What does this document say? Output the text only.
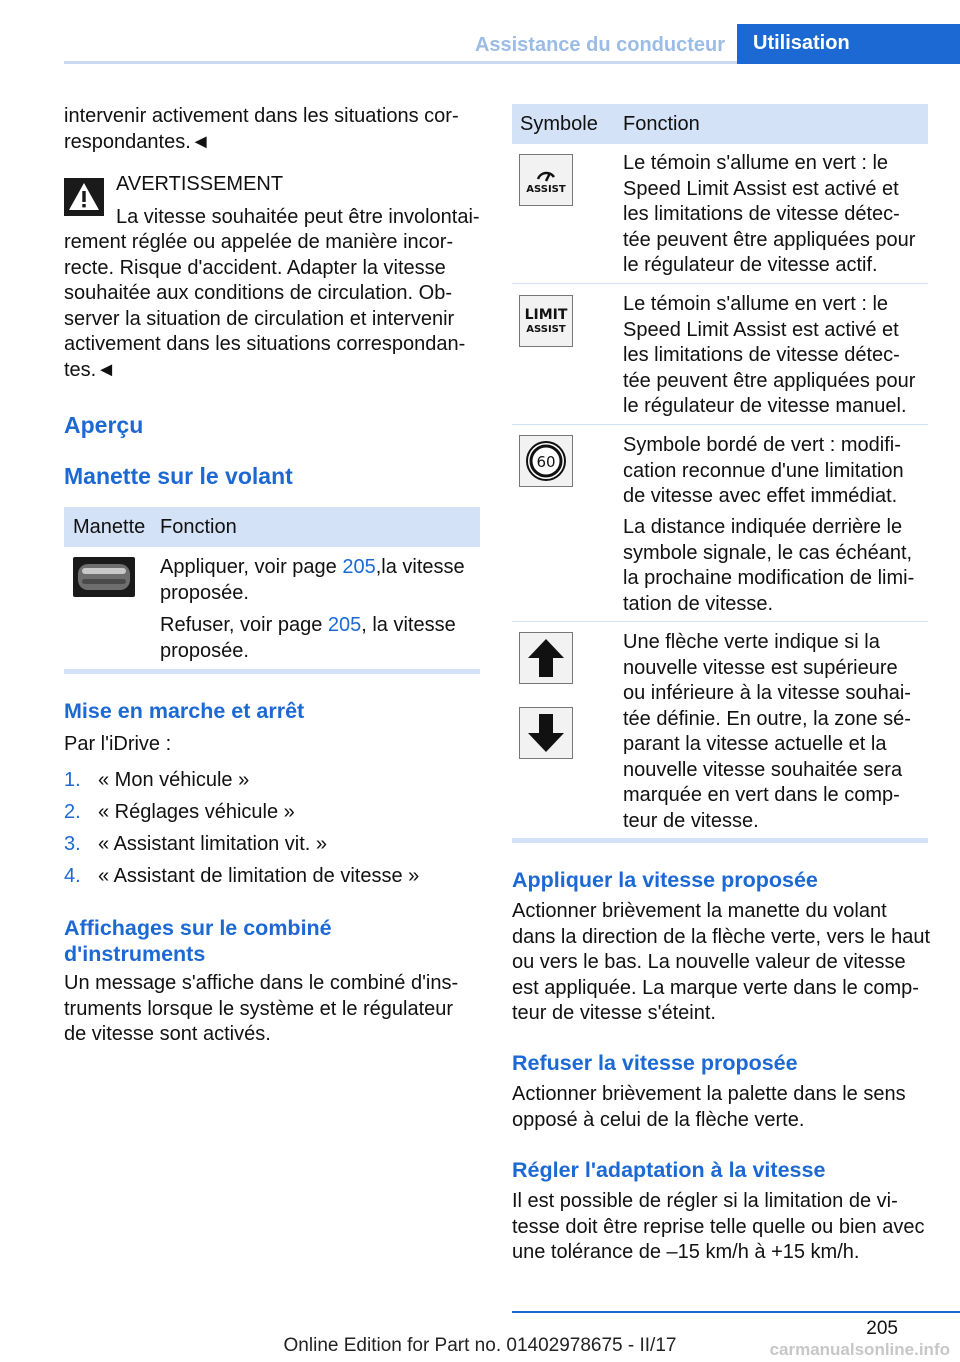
Assistance du conducteur	Utilisation
intervenir activement dans les situations cor-
respondantes.◄
AVERTISSEMENT
La vitesse souhaitée peut être involontai-
rement réglée ou appelée de manière incor-
recte. Risque d'accident. Adapter la vitesse
souhaitée aux conditions de circulation. Ob-
server la situation de circulation et intervenir
activement dans les situations correspondan-
tes.◄
Aperçu
Manette sur le volant
Manette Fonction
Appliquer, voir page 205,la vitesse
proposée.
Refuser, voir page 205, la vitesse
proposée.
Mise en marche et arrêt
Par l'iDrive :
1. « Mon véhicule »
2. « Réglages véhicule »
3. « Assistant limitation vit. »
4. « Assistant de limitation de vitesse »
Affichages sur le combiné
d'instruments
Un message s'affiche dans le combiné d'ins-
truments lorsque le système et le régulateur
de vitesse sont activés.
Symbole Fonction
ASSIST
Le témoin s'allume en vert : le
Speed Limit Assist est activé et
les limitations de vitesse détec-
tée peuvent être appliquées pour
le régulateur de vitesse actif.
LIMIT
ASSIST
Le témoin s'allume en vert : le
Speed Limit Assist est activé et
les limitations de vitesse détec-
tée peuvent être appliquées pour
le régulateur de vitesse manuel.
60
Symbole bordé de vert : modifi-
cation reconnue d'une limitation
de vitesse avec effet immédiat.
La distance indiquée derrière le
symbole signale, le cas échéant,
la prochaine modification de limi-
tation de vitesse.
Une flèche verte indique si la
nouvelle vitesse est supérieure
ou inférieure à la vitesse souhai-
tée définie. En outre, la zone sé-
parant la vitesse actuelle et la
nouvelle vitesse souhaitée sera
marquée en vert dans le comp-
teur de vitesse.
Appliquer la vitesse proposée
Actionner brièvement la manette du volant
dans la direction de la flèche verte, vers le haut
ou vers le bas. La nouvelle valeur de vitesse
est appliquée. La marque verte dans le comp-
teur de vitesse s'éteint.
Refuser la vitesse proposée
Actionner brièvement la palette dans le sens
opposé à celui de la flèche verte.
Régler l'adaptation à la vitesse
Il est possible de régler si la limitation de vi-
tesse doit être reprise telle quelle ou bien avec
une tolérance de –15 km/h à +15 km/h.
205
Online Edition for Part no. 01402978675 - II/17	carmanualsonline.info
